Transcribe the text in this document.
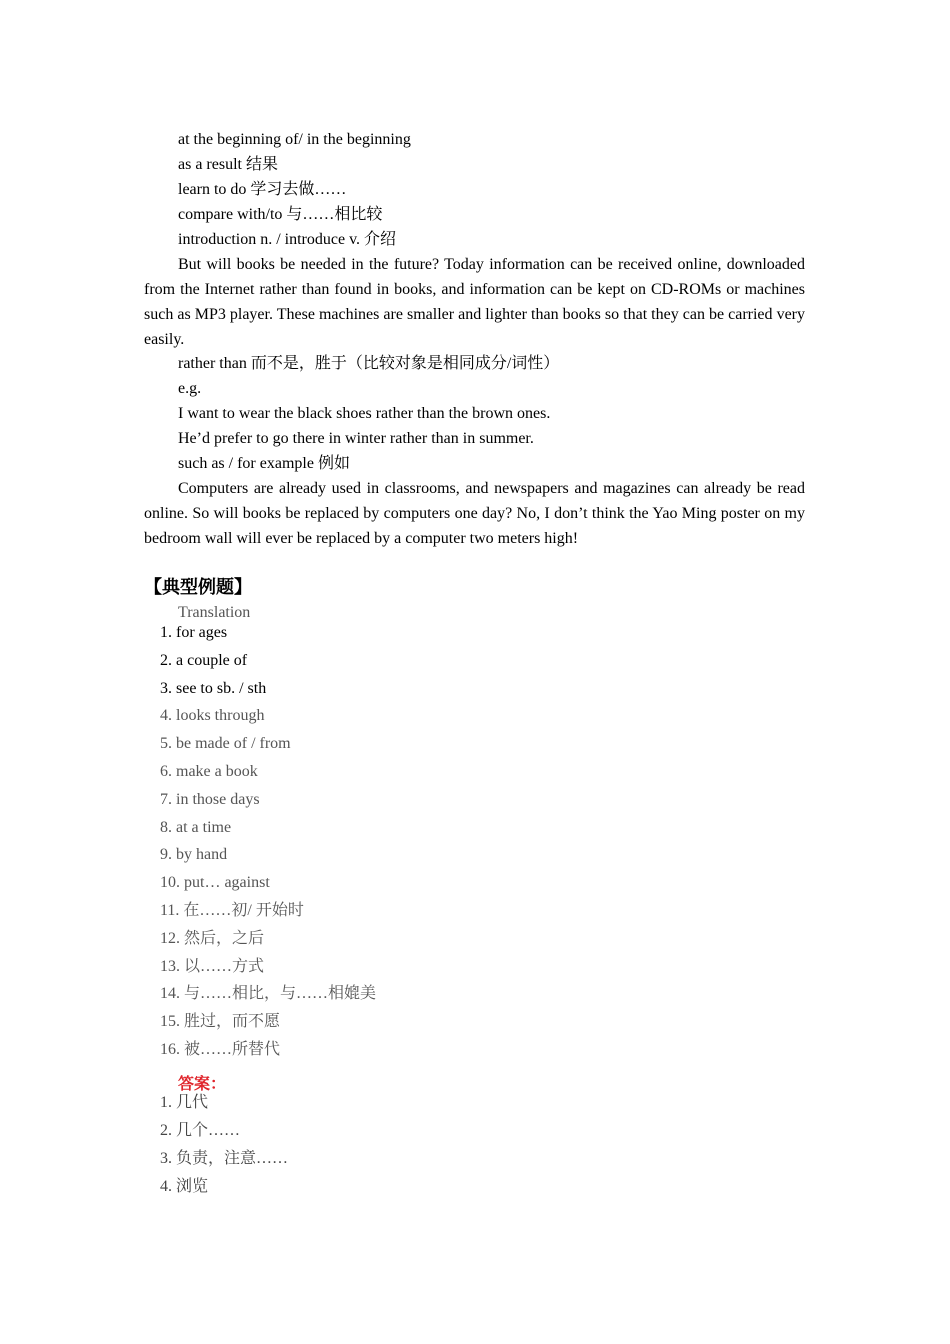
at the beginning of/ in the beginning
as a result 结果
learn to do 学习去做……
compare with/to 与……相比较
introduction n. / introduce v. 介绍
But will books be needed in the future? Today information can be received online, downloaded from the Internet rather than found in books, and information can be kept on CD-ROMs or machines such as MP3 player. These machines are smaller and lighter than books so that they can be carried very easily.
rather than 而不是，胜于（比较对象是相同成分/词性）
e.g.
I want to wear the black shoes rather than the brown ones.
He’d prefer to go there in winter rather than in summer.
such as / for example 例如
Computers are already used in classrooms, and newspapers and magazines can already be read online. So will books be replaced by computers one day? No, I don’t think the Yao Ming poster on my bedroom wall will ever be replaced by a computer two meters high!
【典型例题】
Translation
1. for ages
2. a couple of
3. see to sb. / sth
4. looks through
5. be made of / from
6. make a book
7. in those days
8. at a time
9. by hand
10. put… against
11. 在……初/ 开始时
12. 然后，之后
13. 以……方式
14. 与……相比，与……相媲美
15. 胜过，而不愿
16. 被……所替代
答案：
1. 几代
2. 几个……
3. 负责，注意……
4. 浏览
